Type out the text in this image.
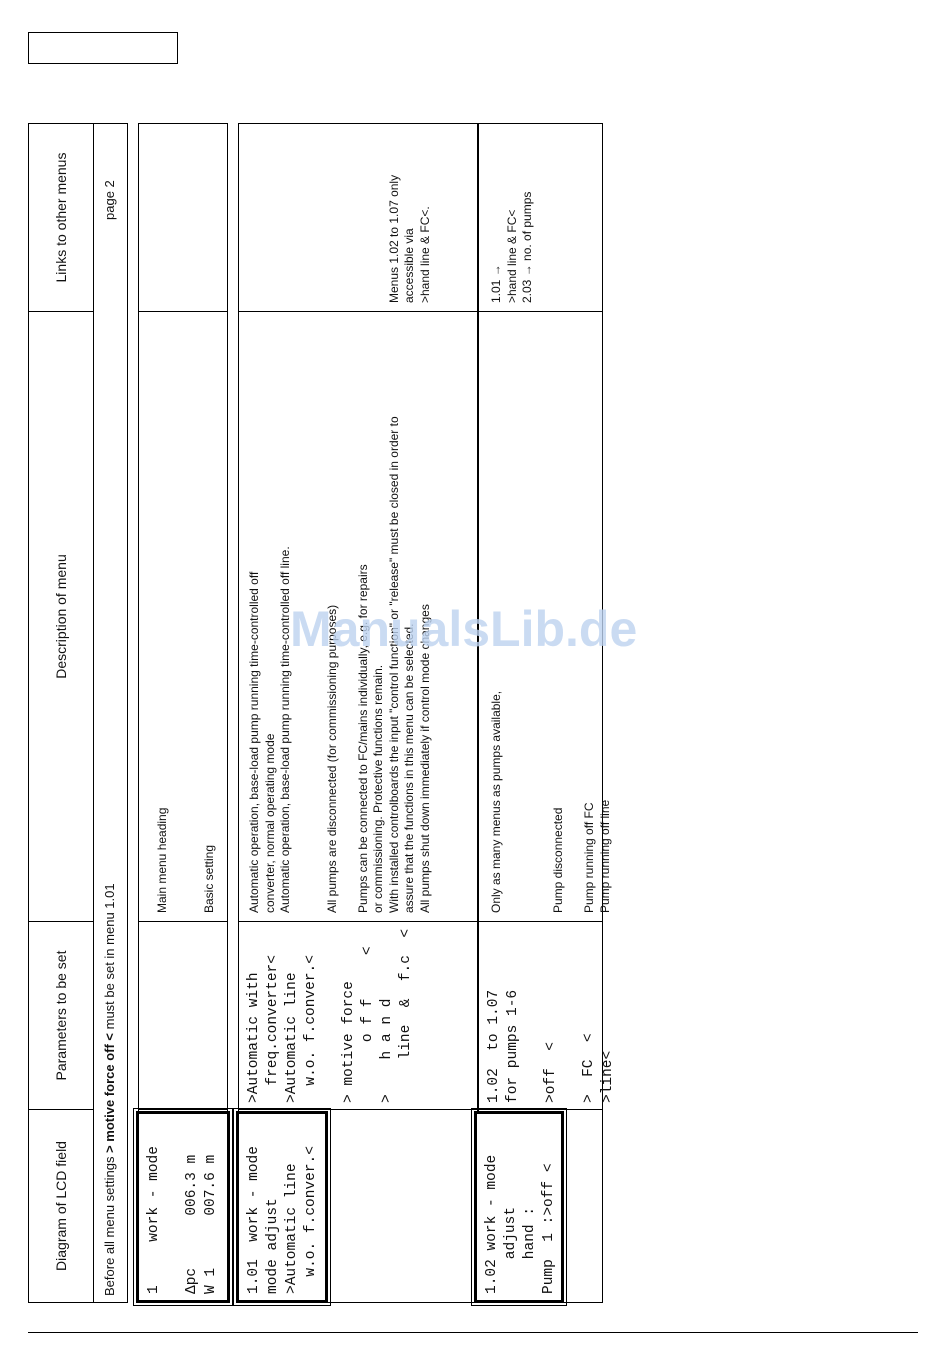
Diagram of LCD field
Parameters to be set
Description of menu
Links to other menus
Before all menu settings > motive force off < must be set in menu 1.01
page 2
Main menu heading

Basic setting
1     work - mode

Δpc      006.3 m
W 1      007.6 m
>Automatic with
freq.converter<
>Automatic line
w.o. f.conver.<

> motive force
o f f     <
>    h a n d
line  &  f.c  <
Automatic operation, base-load pump running time-controlled off
converter, normal operating mode
Automatic operation, base-load pump running time-controlled off line.

All pumps are disconnected (for commissioning purposes)

Pumps can be connected to FC/mains individually, e.g. for repairs
or commissioning. Protective functions remain.
With installed controlboards the input "control function" or "release" must be closed in order to
assure that the functions in this menu can be selected.
All pumps shut down immediately if control mode changes

Menus 1.02 to 1.07 only
accessible via
>hand line & FC<.
1.01  work - mode
mode adjust
>Automatic line
w.o. f.conver.<
1.02  to 1.07
for pumps 1-6

>off  <

>  FC  <
>line<
Only as many menus as pumps available,

Pump disconnected

Pump running off FC
Pump running off line
1.01 →
>hand line & FC<
2.03 → no. of pumps
1.02 work - mode
adjust
hand :
Pump  1 :>off <
ManualsLib.de
